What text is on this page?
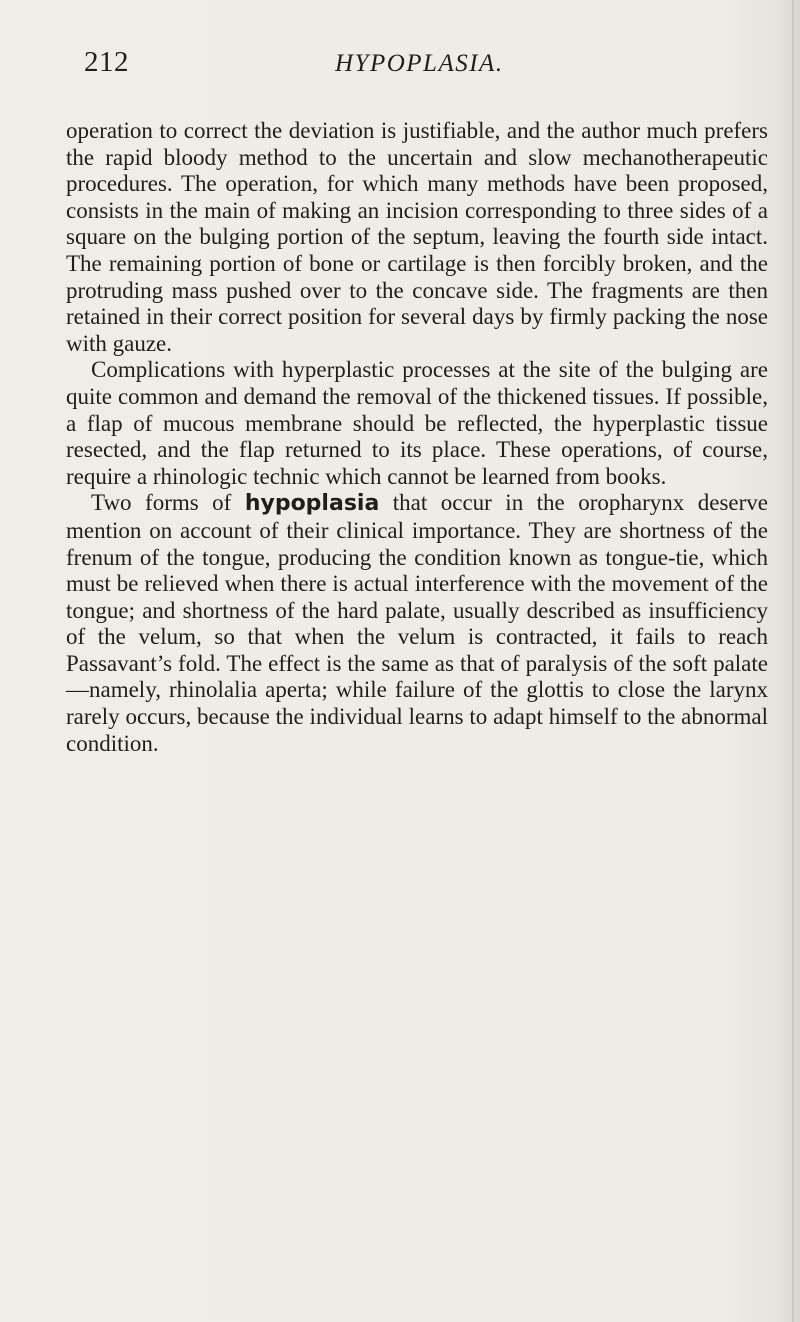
212	HYPOPLASIA.

operation to correct the deviation is justifiable, and the author much prefers the rapid bloody method to the uncertain and slow mechanotherapeutic procedures. The operation, for which many methods have been proposed, consists in the main of making an incision corresponding to three sides of a square on the bulging portion of the septum, leaving the fourth side intact. The remaining portion of bone or cartilage is then forcibly broken, and the protruding mass pushed over to the concave side. The fragments are then retained in their correct position for several days by firmly packing the nose with gauze.

Complications with hyperplastic processes at the site of the bulging are quite common and demand the removal of the thickened tissues. If possible, a flap of mucous membrane should be reflected, the hyperplastic tissue resected, and the flap returned to its place. These operations, of course, require a rhinologic technic which cannot be learned from books.

Two forms of hypoplasia that occur in the oropharynx deserve mention on account of their clinical importance. They are shortness of the frenum of the tongue, producing the condition known as tongue-tie, which must be relieved when there is actual interference with the movement of the tongue; and shortness of the hard palate, usually described as insufficiency of the velum, so that when the velum is contracted, it fails to reach Passavant’s fold. The effect is the same as that of paralysis of the soft palate—namely, rhinolalia aperta; while failure of the glottis to close the larynx rarely occurs, because the individual learns to adapt himself to the abnormal condition.
